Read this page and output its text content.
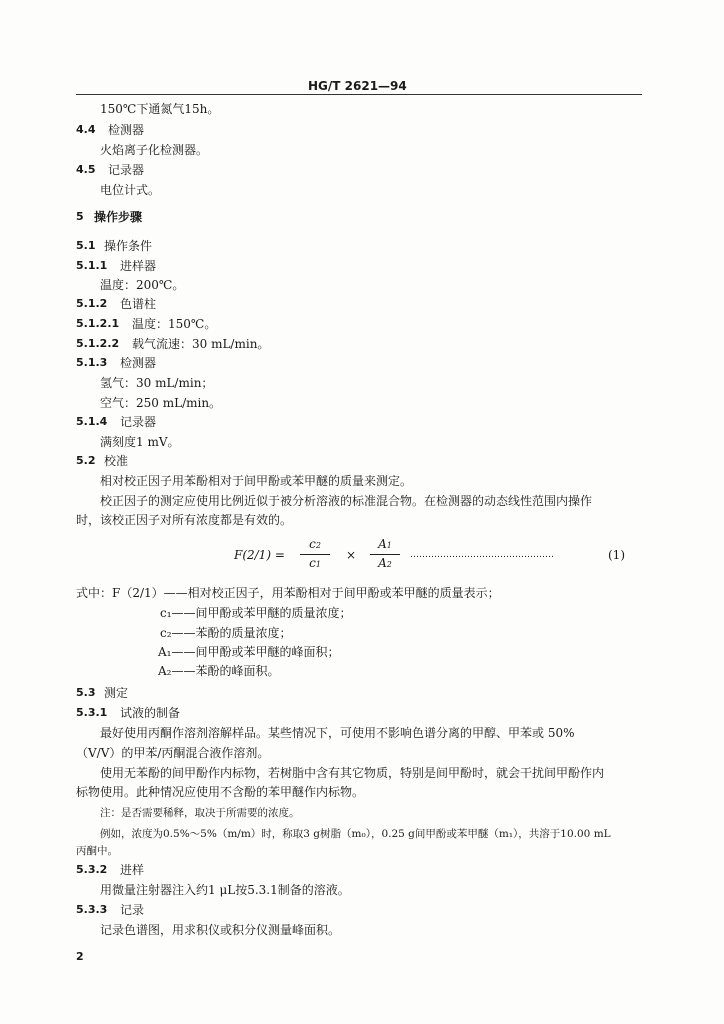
HG/T 2621—94
150℃下通氮气15h。
4.4 检测器
火焰离子化检测器。
4.5 记录器
电位计式。
5 操作步骤
5.1 操作条件
5.1.1 进样器
温度：200℃。
5.1.2 色谱柱
5.1.2.1 温度：150℃。
5.1.2.2 载气流速：30 mL/min。
5.1.3 检测器
氢气：30 mL/min；
空气：250 mL/min。
5.1.4 记录器
满刻度1 mV。
5.2 校准
相对校正因子用苯酚相对于间甲酚或苯甲醚的质量来测定。
校正因子的测定应使用比例近似于被分析溶液的标准混合物。在检测器的动态线性范围内操作
时，该校正因子对所有浓度都是有效的。
F(2/1) =
c2
c1
×
A1
A2
…………………………………………	(1)
式中：F（2/1）——相对校正因子，用苯酚相对于间甲酚或苯甲醚的质量表示；
c₁——间甲酚或苯甲醚的质量浓度；
c₂——苯酚的质量浓度；
A₁——间甲酚或苯甲醚的峰面积；
A₂——苯酚的峰面积。
5.3 测定
5.3.1 试液的制备
最好使用丙酮作溶剂溶解样品。某些情况下，可使用不影响色谱分离的甲醇、甲苯或 50%
（V/V）的甲苯/丙酮混合液作溶剂。
使用无苯酚的间甲酚作内标物，若树脂中含有其它物质，特别是间甲酚时，就会干扰间甲酚作内
标物使用。此种情况应使用不含酚的苯甲醚作内标物。
注：是否需要稀释，取决于所需要的浓度。
例如，浓度为0.5%～5%（m/m）时，称取3 g树脂（m₀），0.25 g间甲酚或苯甲醚（m₁），共溶于10.00 mL
丙酮中。
5.3.2 进样
用微量注射器注入约1 μL按5.3.1制备的溶液。
5.3.3 记录
记录色谱图，用求积仪或积分仪测量峰面积。
2
